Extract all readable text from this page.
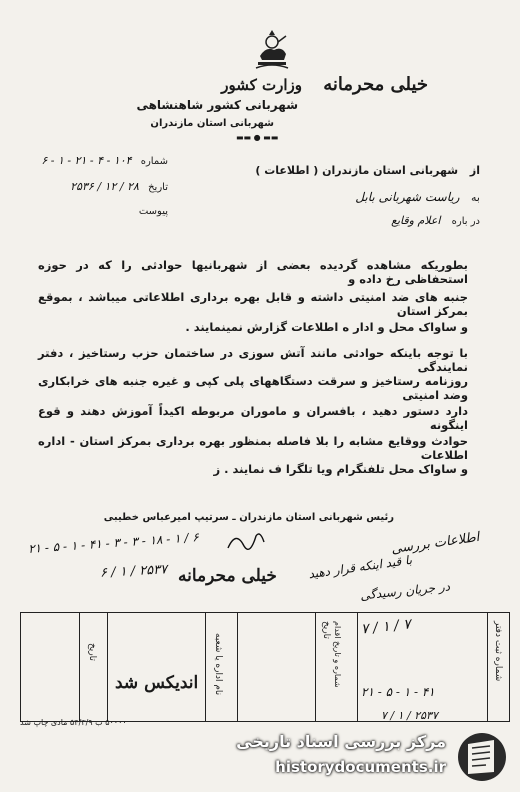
خیلی محرمانه
وزارت کشور
شهربانی کشور شاهنشاهی
شهربانی استان مازندران
▬▬ ● ▬▬
شماره ۱۰۴ - ۴ - ۲۱ - ۱ - ۶
تاریخ ۲۸ / ۱۲ / ۲۵۳۶
پیوست
از شهربانی استان مازندران ( اطلاعات )
به ریاست شهربانی بابل
در باره اعلام وقایع
بطوریکه مشاهده گردیده بعضی از شهربانیها حوادثی را که در حوزه استحفاظی رخ داده و
جنبه های ضد امنیتی داشته و قابل بهره برداری اطلاعاتی میباشد ، بموقع بمرکز استان
و ساواک محل و ادار ه اطلاعات گزارش نمینمایند .
با توجه باینکه حوادثی مانند آتش سوزی در ساختمان حزب رستاخیز ، دفتر نمایندگی
روزنامه رستاخیز و سرقت دستگاههای پلی کپی و غیره جنبه های خرابکاری وضد امنیتی
دارد دستور دهید ، بافسران و ماموران مربوطه اکیداً آموزش دهند و قوع اینگونه
حوادث ووقایع مشابه را بلا فاصله بمنظور بهره برداری بمرکز استان - اداره اطلاعات
و ساواک محل تلفنگرام ویا تلگرا ف نمایند . ز
رئیس شهربانی استان مازندران ـ سرتیپ امیرعباس خطیبی
۲۱ - ۵ - ۱ - ۴۱ - ۳ - ۳ - ۱۸ - ۱ / ۶
۶ / ۱ / ۲۵۳۷ خیلی محرمانه
اطلاعات بررسی
با قید اینکه قرار دهید
در جریان رسیدگی
تاریخ	نام اداره یا شعبه
تاریخ شماره و تاریخ اقدام	شماره ثبت دفتر
اندیکس شد
۷ / ۱ / ۷
۲۱ - ۵ - ۱ - ۴۱
۷ / ۱ / ۲۵۳۷
۵۰۰۰۰ ب ۵۴/۳/۹ مادی چاپ شد
مرکز بررسی اسناد تاریخی
historydocuments.ir
